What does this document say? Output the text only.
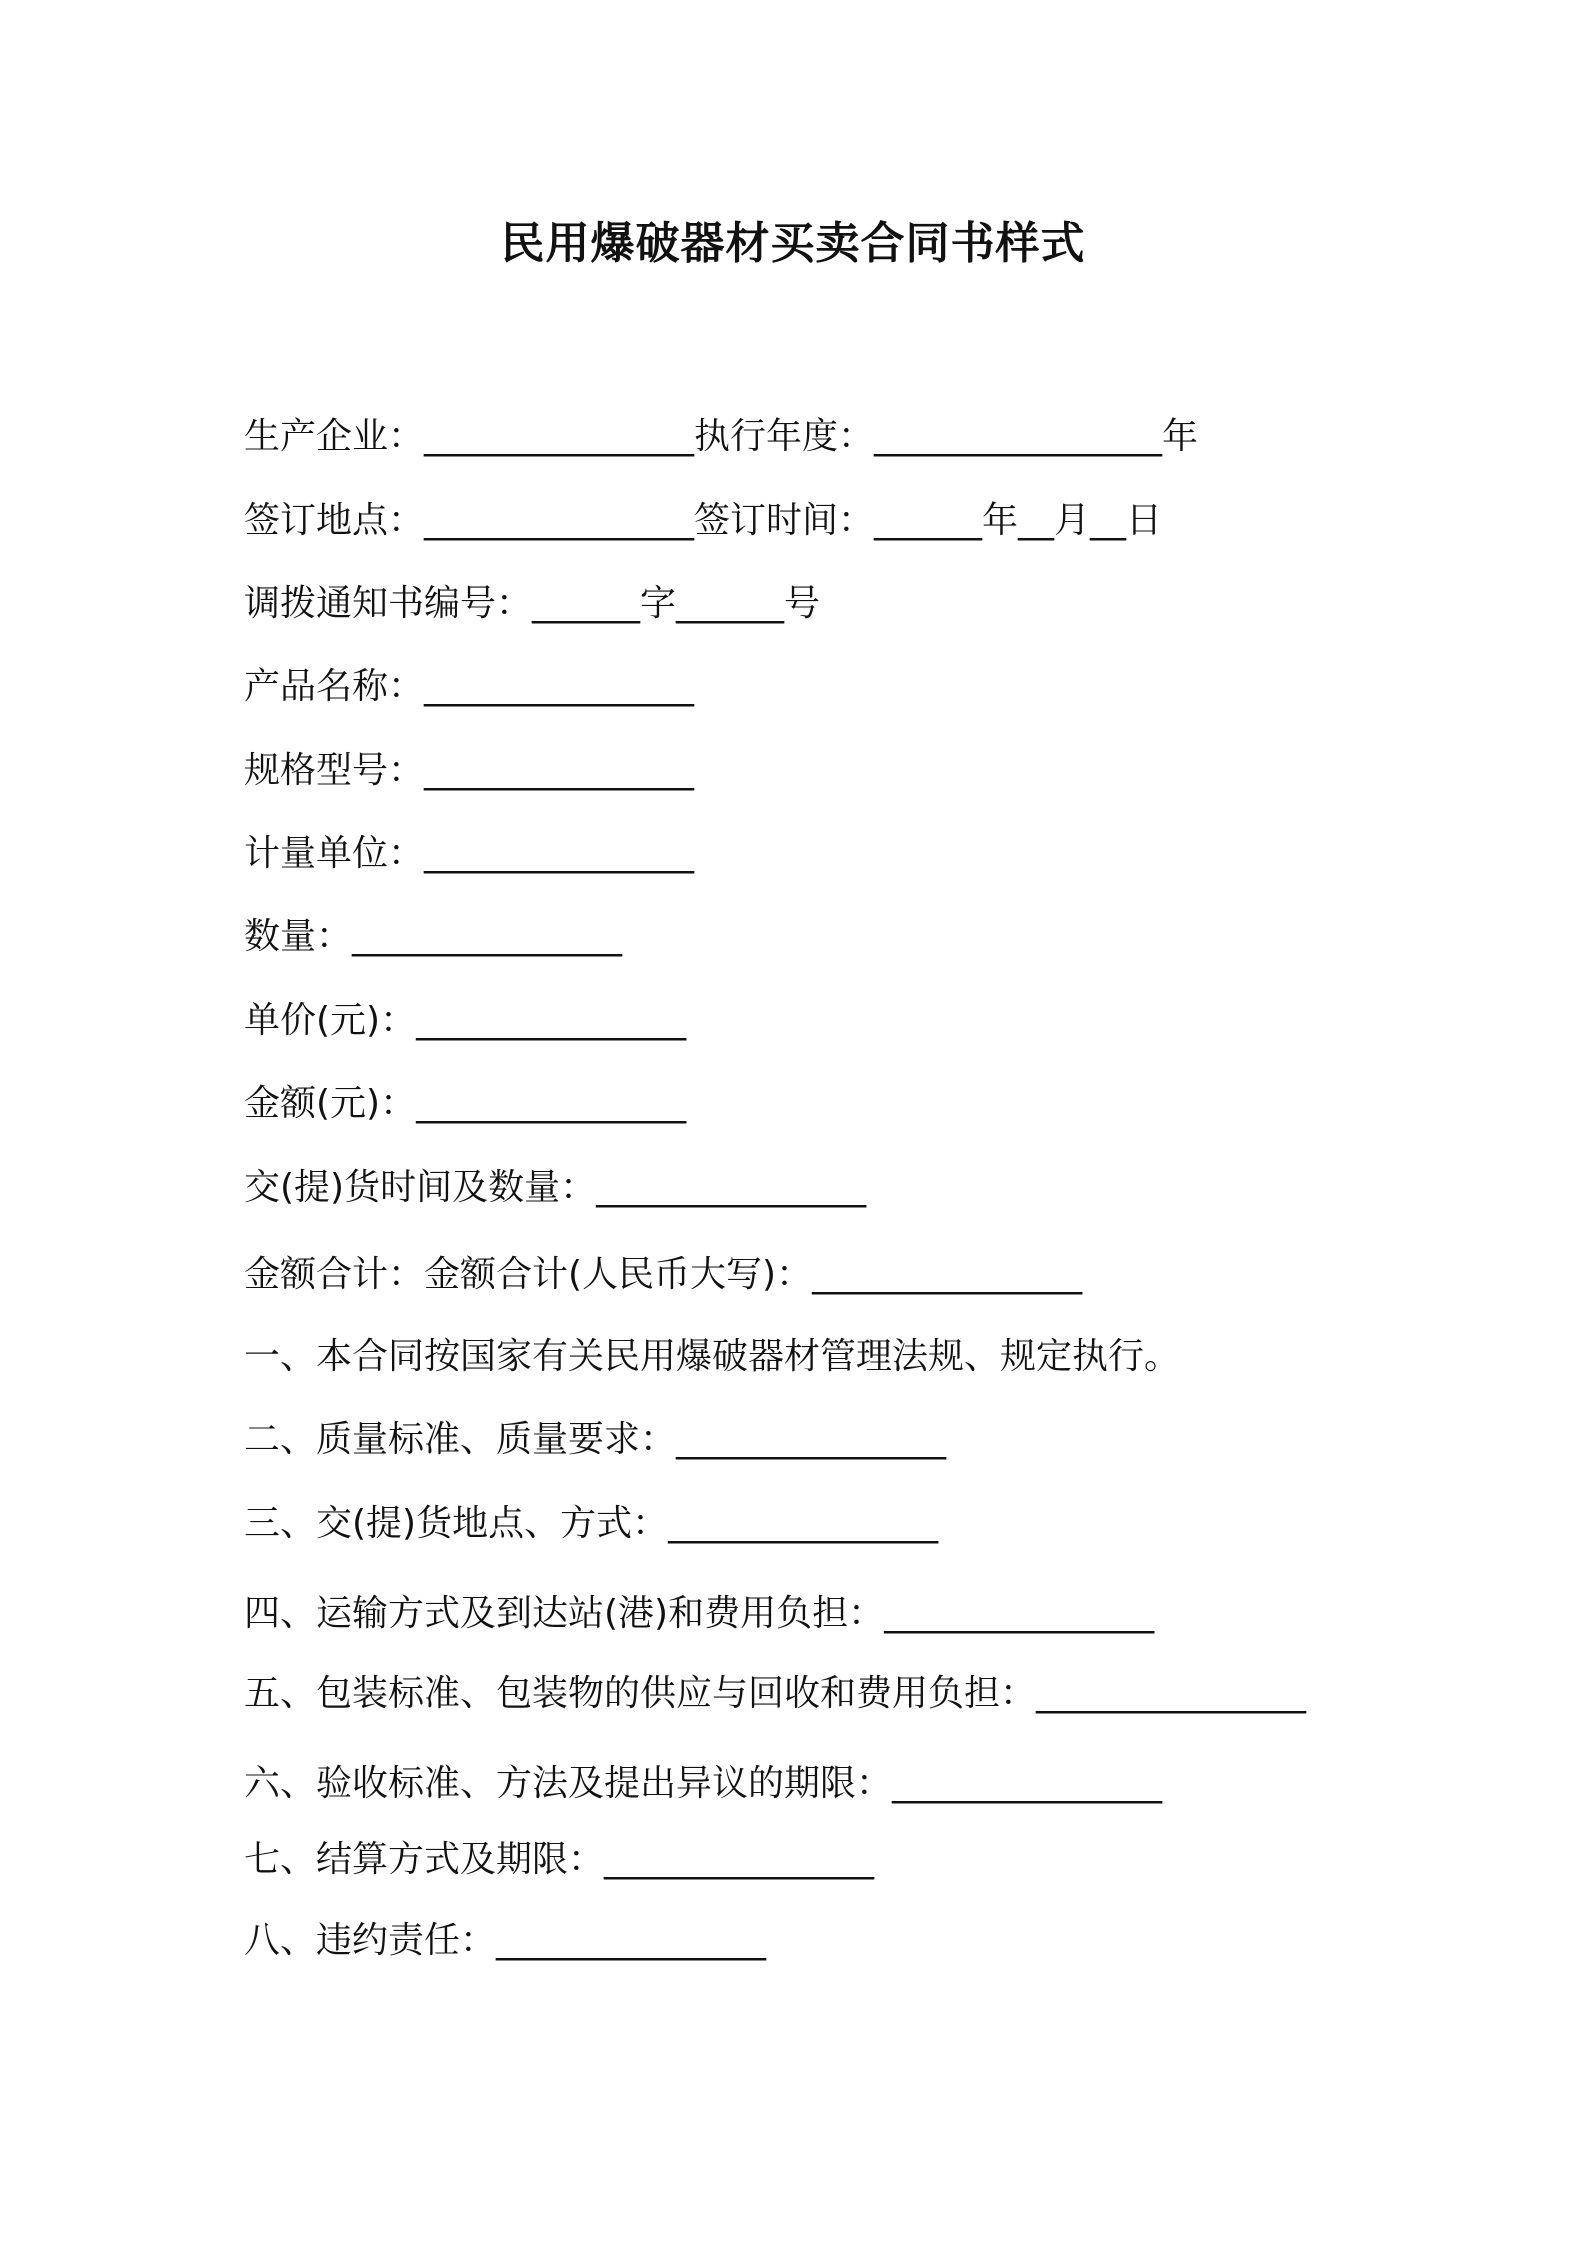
民用爆破器材买卖合同书样式
生产企业：_______________执行年度：________________年
签订地点：_______________签订时间：______年__月__日
调拨通知书编号：______字______号
产品名称：_______________
规格型号：_______________
计量单位：_______________
数量：_______________
单价(元)：_______________
金额(元)：_______________
交(提)货时间及数量：_______________
金额合计：金额合计(人民币大写)：_______________
一、本合同按国家有关民用爆破器材管理法规、规定执行。
二、质量标准、质量要求：_______________
三、交(提)货地点、方式：_______________
四、运输方式及到达站(港)和费用负担：_______________
五、包装标准、包装物的供应与回收和费用负担：_______________
六、验收标准、方法及提出异议的期限：_______________
七、结算方式及期限：_______________
八、违约责任：_______________
